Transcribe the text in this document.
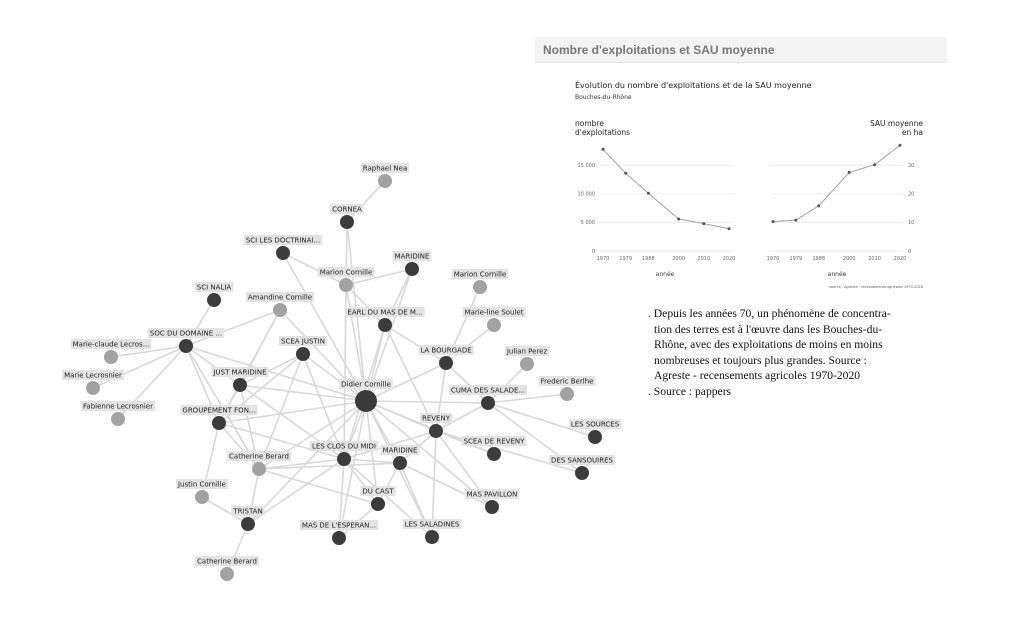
Raphael Nea
CORNEA
SCI LES DOCTRINAI...
MARIDINE
Marion Cornille	Marion Cornille
SCI NALIA
Amandine Cornille
EARL DU MAS DE M...	Marie-line Soulet
SOC DU DOMAINE ...
SCEA JUSTIN
LA BOURGADE	Julian Perez
Marie-claude Lecros...
JUST MARIDINE
Marie Lecrosnier
Didier Cornille
CUMA DES SALADE...
Frederic Berlhe
Fabienne Lecrosnier	GROUPEMENT FON...
REVENY
LES SOURCES
Catherine Berard
LES CLOS DU MIDI MARIDINE
SCEA DE REVENY
DES SANSOUIRES
Justin Cornille
DU CAST	MAS PAVILLON
TRISTAN
MAS DE L'ESPERAN...	LES SALADINES
Catherine Berard
Nombre d'exploitations et SAU moyenne
Évolution du nombre d'exploitations et de la SAU moyenne
Bouches-du-Rhône
nombre
d'exploitations
SAU moyenne
en ha
0
5 000
10 000
15 000
1970 1979 1988	2000 2010 2020
0
10
20
30
1970 1979 1988	2000	2010	2020
année	année
source : Agreste - recensements agricoles 1970-2020

. Depuis les années 70, un phénomène de concentra-

tion des terres est à l'œuvre dans les Bouches-du-

Rhône, avec des exploitations de moins en moins

nombreuses et toujours plus grandes. Source :

Agreste - recensements agricoles 1970-2020

. Source : pappers
